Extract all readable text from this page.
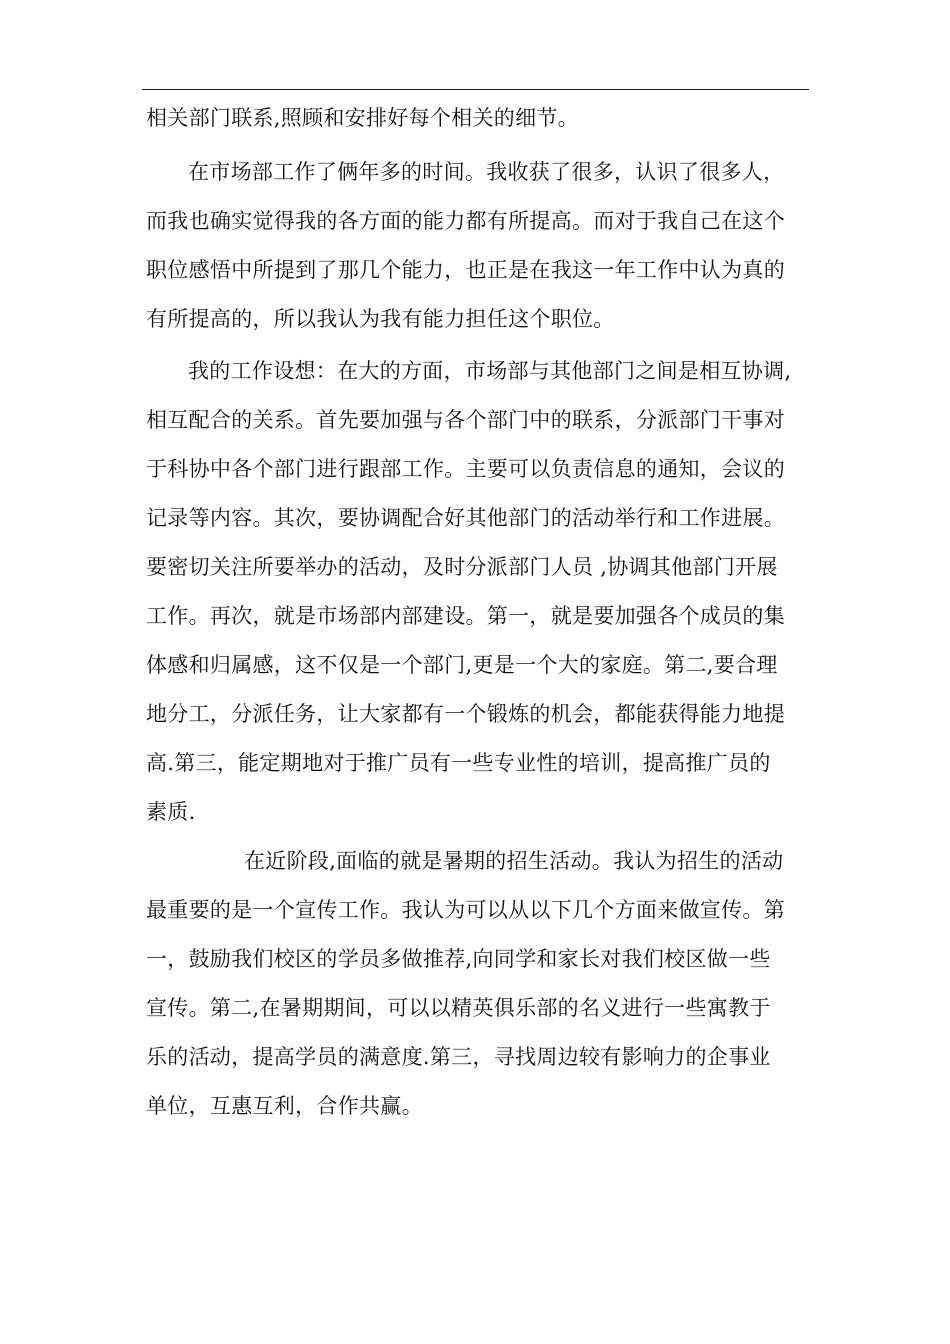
相关部门联系,照顾和安排好每个相关的细节。
在市场部工作了俩年多的时间。我收获了很多，认识了很多人，
而我也确实觉得我的各方面的能力都有所提高。而对于我自己在这个
职位感悟中所提到了那几个能力，也正是在我这一年工作中认为真的
有所提高的，所以我认为我有能力担任这个职位。
我的工作设想：在大的方面，市场部与其他部门之间是相互协调,
相互配合的关系。首先要加强与各个部门中的联系，分派部门干事对
于科协中各个部门进行跟部工作。主要可以负责信息的通知，会议的
记录等内容。其次，要协调配合好其他部门的活动举行和工作进展。
要密切关注所要举办的活动，及时分派部门人员 ,协调其他部门开展
工作。再次，就是市场部内部建设。第一，就是要加强各个成员的集
体感和归属感，这不仅是一个部门,更是一个大的家庭。第二,要合理
地分工，分派任务，让大家都有一个锻炼的机会，都能获得能力地提
高.第三，能定期地对于推广员有一些专业性的培训，提高推广员的
素质.
在近阶段,面临的就是暑期的招生活动。我认为招生的活动
最重要的是一个宣传工作。我认为可以从以下几个方面来做宣传。第
一，鼓励我们校区的学员多做推荐,向同学和家长对我们校区做一些
宣传。第二,在暑期期间，可以以精英俱乐部的名义进行一些寓教于
乐的活动，提高学员的满意度.第三，寻找周边较有影响力的企事业
单位，互惠互利，合作共赢。
